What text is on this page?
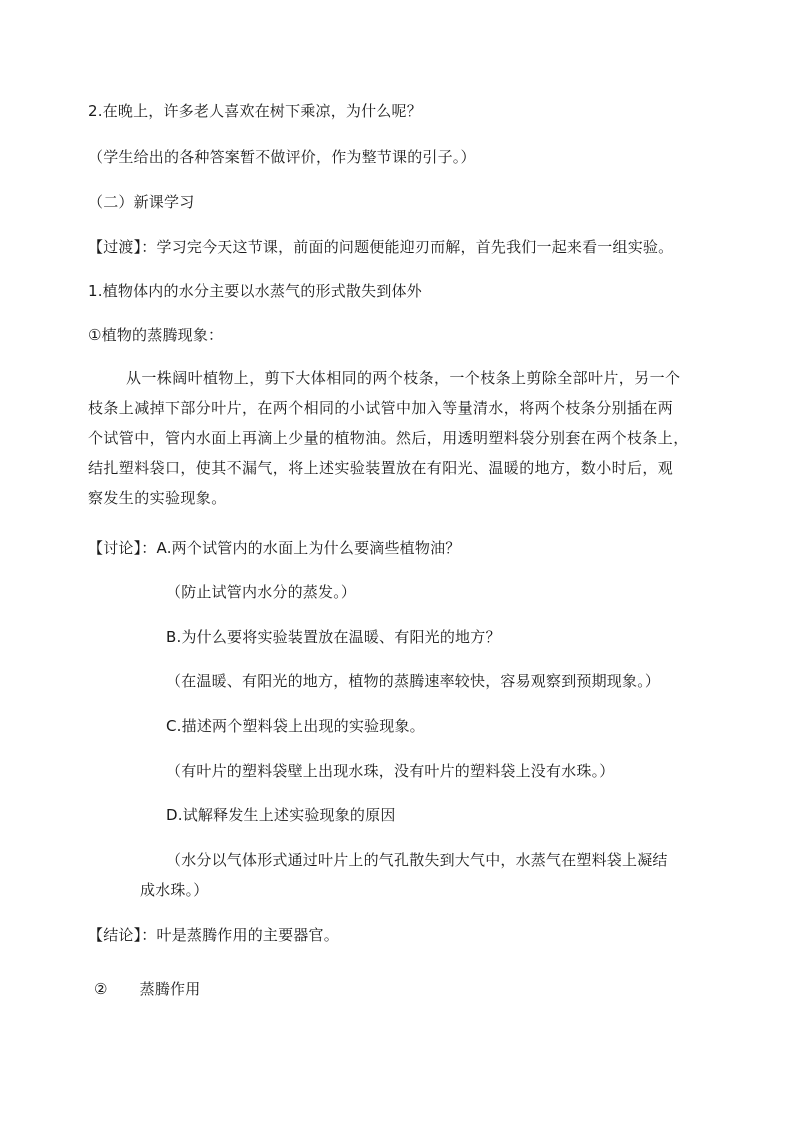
2.在晚上，许多老人喜欢在树下乘凉，为什么呢？
（学生给出的各种答案暂不做评价，作为整节课的引子。）
（二）新课学习
【过渡】：学习完今天这节课，前面的问题便能迎刃而解，首先我们一起来看一组实验。
1.植物体内的水分主要以水蒸气的形式散失到体外
①植物的蒸腾现象：
从一株阔叶植物上，剪下大体相同的两个枝条，一个枝条上剪除全部叶片，另一个
枝条上减掉下部分叶片，在两个相同的小试管中加入等量清水，将两个枝条分别插在两
个试管中，管内水面上再滴上少量的植物油。然后，用透明塑料袋分别套在两个枝条上，
结扎塑料袋口，使其不漏气，将上述实验装置放在有阳光、温暖的地方，数小时后，观
察发生的实验现象。
【讨论】：A.两个试管内的水面上为什么要滴些植物油？
（防止试管内水分的蒸发。）
B.为什么要将实验装置放在温暖、有阳光的地方？
（在温暖、有阳光的地方，植物的蒸腾速率较快，容易观察到预期现象。）
C.描述两个塑料袋上出现的实验现象。
（有叶片的塑料袋壁上出现水珠，没有叶片的塑料袋上没有水珠。）
D.试解释发生上述实验现象的原因
（水分以气体形式通过叶片上的气孔散失到大气中，水蒸气在塑料袋上凝结
成水珠。）
【结论】：叶是蒸腾作用的主要器官。
② 蒸腾作用
